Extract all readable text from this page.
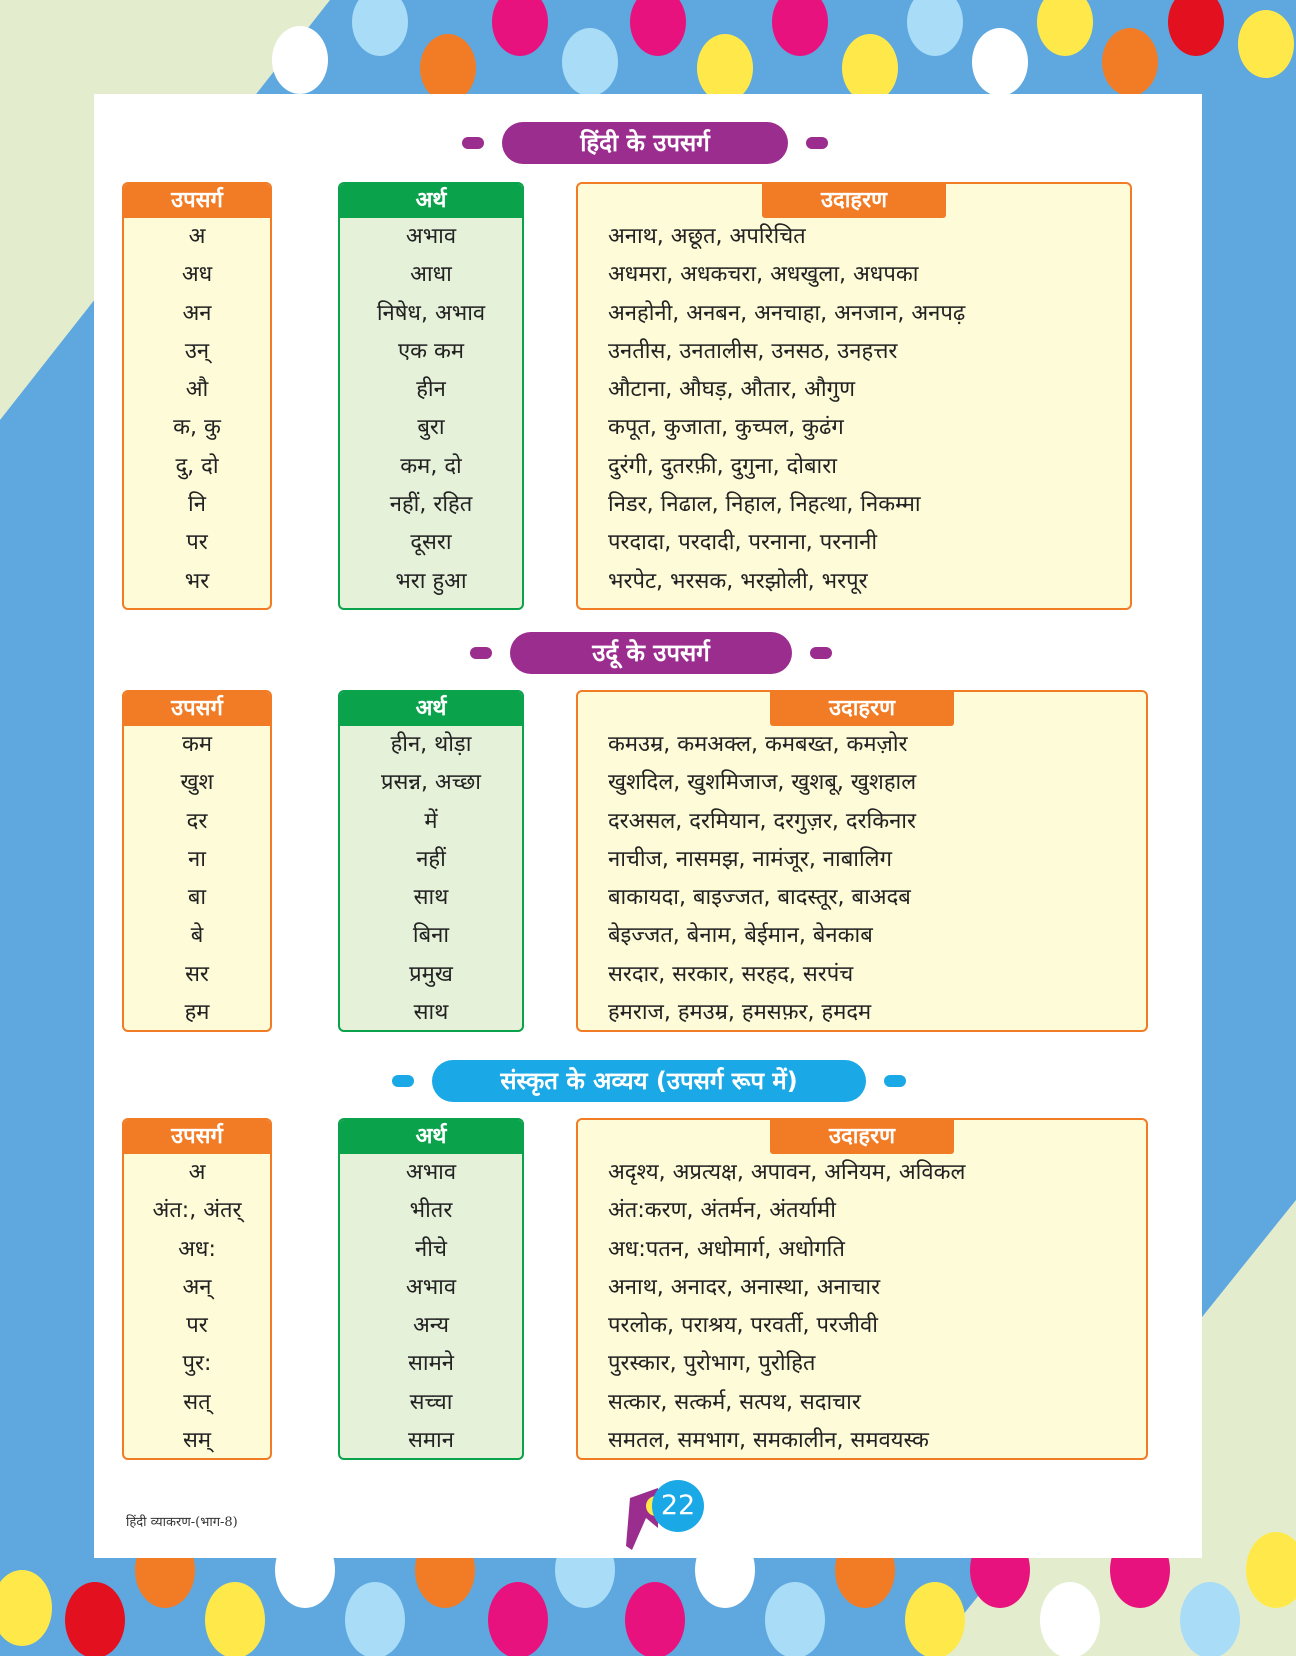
हिंदी के उपसर्ग
उपसर्ग
अ
अध
अन
उन्
औ
क, कु
दु, दो
नि
पर
भर
अर्थ
अभाव
आधा
निषेध, अभाव
एक कम
हीन
बुरा
कम, दो
नहीं, रहित
दूसरा
भरा हुआ
उदाहरण
अनाथ, अछूत, अपरिचित
अधमरा, अधकचरा, अधखुला, अधपका
अनहोनी, अनबन, अनचाहा, अनजान, अनपढ़
उनतीस, उनतालीस, उनसठ, उनहत्तर
औटाना, औघड़, औतार, औगुण
कपूत, कुजाता, कुच्पल, कुढंग
दुरंगी, दुतरफ़ी, दुगुना, दोबारा
निडर, निढाल, निहाल, निहत्था, निकम्मा
परदादा, परदादी, परनाना, परनानी
भरपेट, भरसक, भरझोली, भरपूर
उर्दू के उपसर्ग
उपसर्ग
कम
खुश
दर
ना
बा
बे
सर
हम
अर्थ
हीन, थोड़ा
प्रसन्न, अच्छा
में
नहीं
साथ
बिना
प्रमुख
साथ
उदाहरण
कमउम्र, कमअक्ल, कमबख्त, कमज़ोर
खुशदिल, खुशमिजाज, खुशबू, खुशहाल
दरअसल, दरमियान, दरगुज़र, दरकिनार
नाचीज, नासमझ, नामंजूर, नाबालिग
बाकायदा, बाइज्जत, बादस्तूर, बाअदब
बेइज्जत, बेनाम, बेईमान, बेनकाब
सरदार, सरकार, सरहद, सरपंच
हमराज, हमउम्र, हमसफ़र, हमदम
संस्कृत के अव्यय (उपसर्ग रूप में)
उपसर्ग
अ
अंत:, अंतर्
अध:
अन्
पर
पुर:
सत्
सम्
अर्थ
अभाव
भीतर
नीचे
अभाव
अन्य
सामने
सच्चा
समान
उदाहरण
अदृश्य, अप्रत्यक्ष, अपावन, अनियम, अविकल
अंत:करण, अंतर्मन, अंतर्यामी
अध:पतन, अधोमार्ग, अधोगति
अनाथ, अनादर, अनास्था, अनाचार
परलोक, पराश्रय, परवर्ती, परजीवी
पुरस्कार, पुरोभाग, पुरोहित
सत्कार, सत्कर्म, सत्पथ, सदाचार
समतल, समभाग, समकालीन, समवयस्क
हिंदी व्याकरण-(भाग-8)
22
